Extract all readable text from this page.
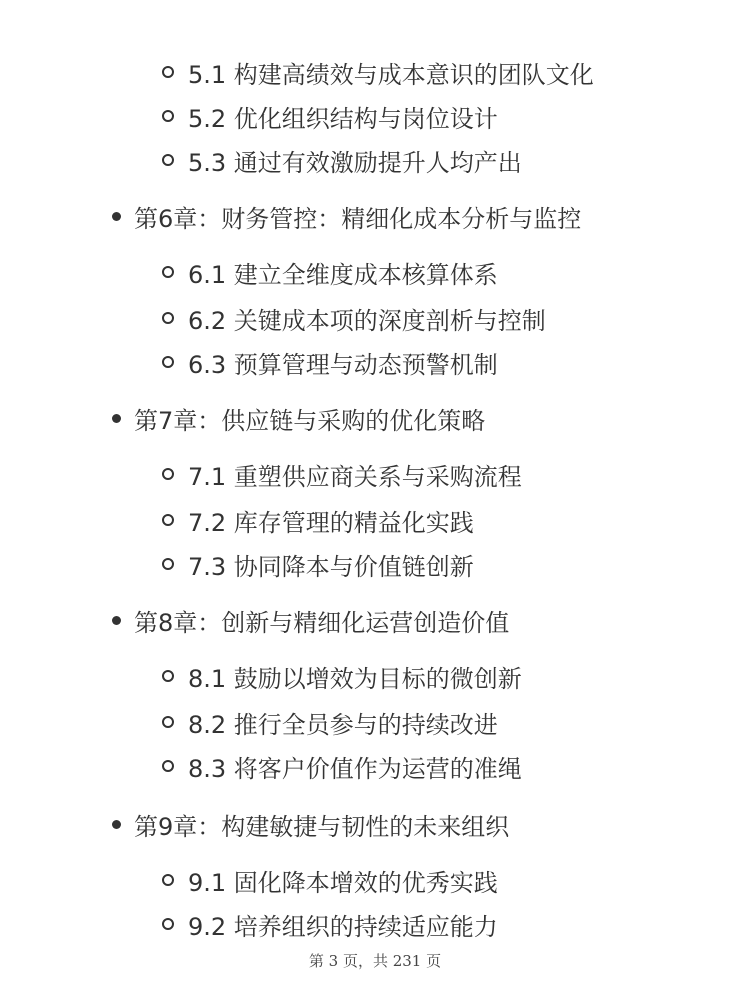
5.1 构建高绩效与成本意识的团队文化
5.2 优化组织结构与岗位设计
5.3 通过有效激励提升人均产出
第6章：财务管控：精细化成本分析与监控
6.1 建立全维度成本核算体系
6.2 关键成本项的深度剖析与控制
6.3 预算管理与动态预警机制
第7章：供应链与采购的优化策略
7.1 重塑供应商关系与采购流程
7.2 库存管理的精益化实践
7.3 协同降本与价值链创新
第8章：创新与精细化运营创造价值
8.1 鼓励以增效为目标的微创新
8.2 推行全员参与的持续改进
8.3 将客户价值作为运营的准绳
第9章：构建敏捷与韧性的未来组织
9.1 固化降本增效的优秀实践
9.2 培养组织的持续适应能力
第 3 页，共 231 页
